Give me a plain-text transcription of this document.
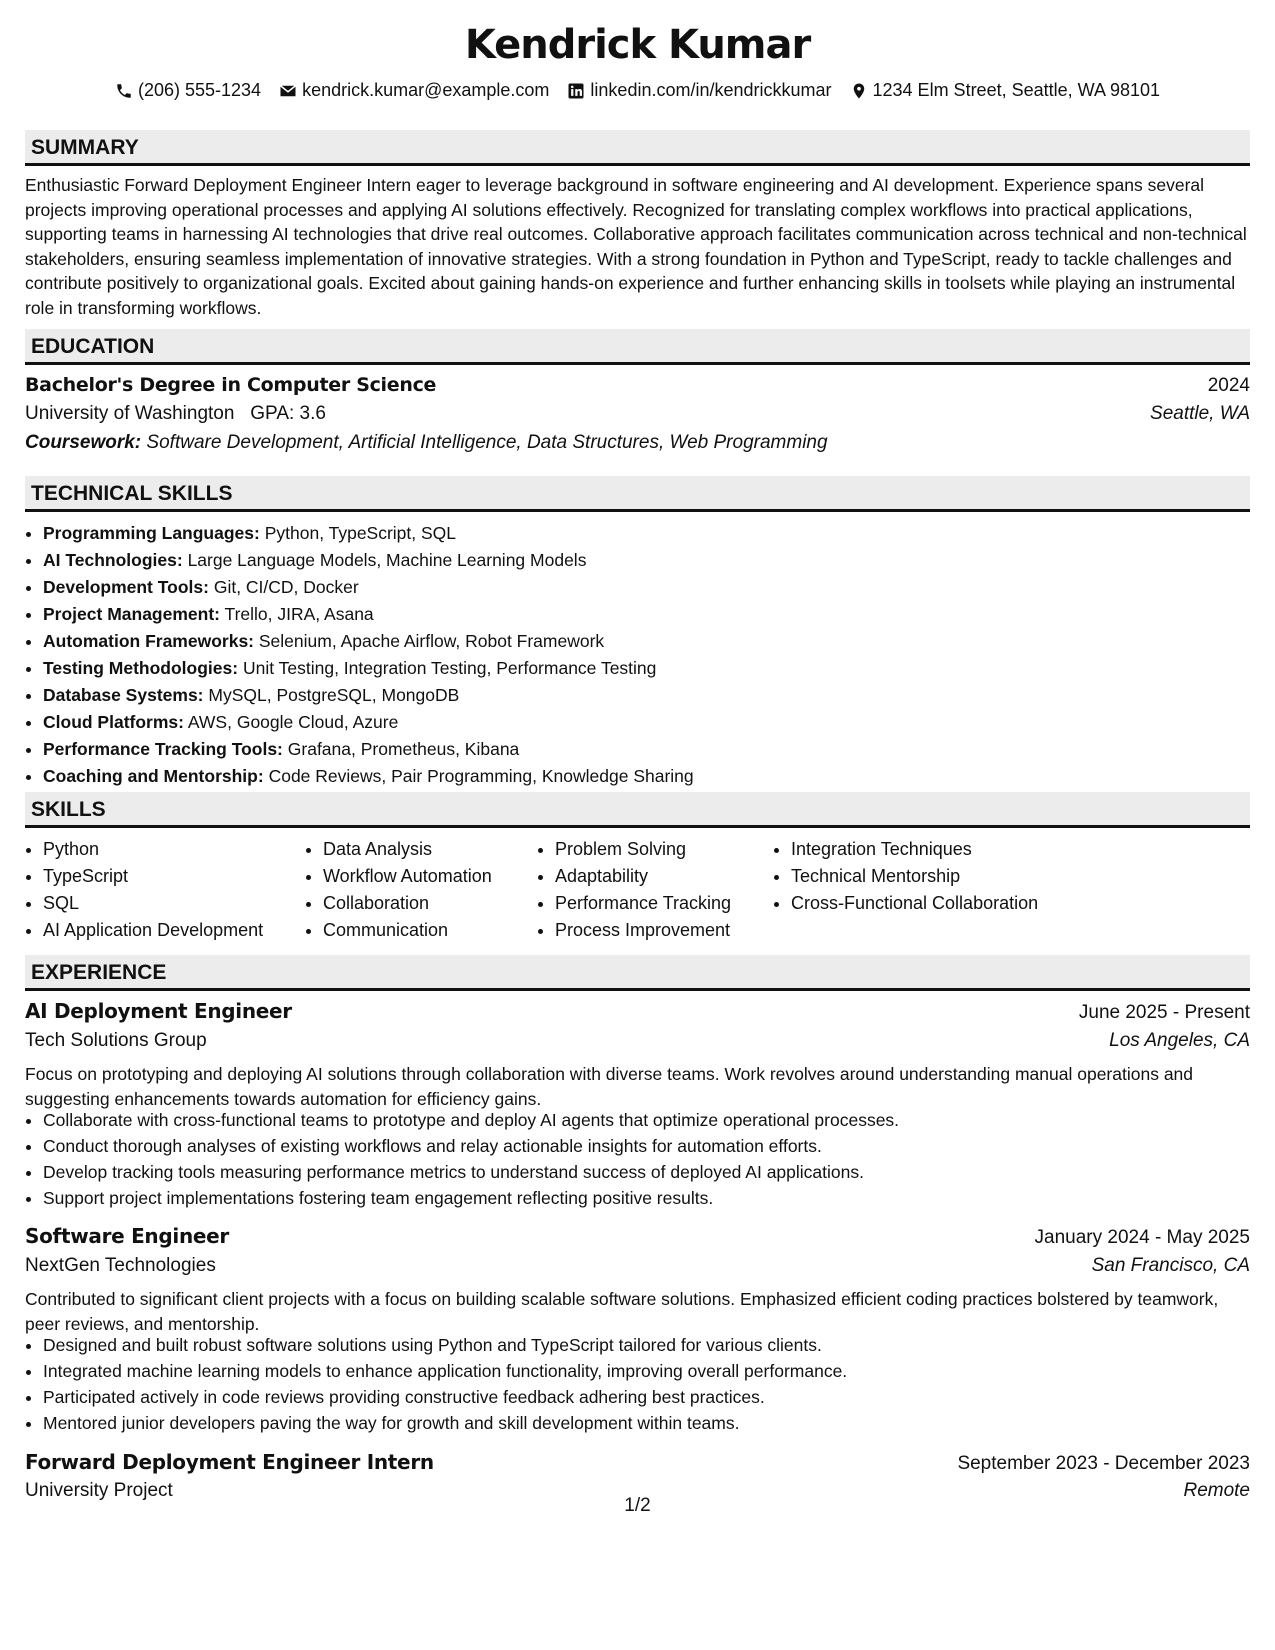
Kendrick Kumar
(206) 555-1234 kendrick.kumar@example.com linkedin.com/in/kendrickkumar 1234 Elm Street, Seattle, WA 98101
SUMMARY
Enthusiastic Forward Deployment Engineer Intern eager to leverage background in software engineering and AI development. Experience spans several projects improving operational processes and applying AI solutions effectively. Recognized for translating complex workflows into practical applications, supporting teams in harnessing AI technologies that drive real outcomes. Collaborative approach facilitates communication across technical and non-technical stakeholders, ensuring seamless implementation of innovative strategies. With a strong foundation in Python and TypeScript, ready to tackle challenges and contribute positively to organizational goals. Excited about gaining hands-on experience and further enhancing skills in toolsets while playing an instrumental role in transforming workflows.
EDUCATION
Bachelor's Degree in Computer Science	2024
University of Washington GPA: 3.6	Seattle, WA
Coursework: Software Development, Artificial Intelligence, Data Structures, Web Programming
TECHNICAL SKILLS
• Programming Languages: Python, TypeScript, SQL
• AI Technologies: Large Language Models, Machine Learning Models
• Development Tools: Git, CI/CD, Docker
• Project Management: Trello, JIRA, Asana
• Automation Frameworks: Selenium, Apache Airflow, Robot Framework
• Testing Methodologies: Unit Testing, Integration Testing, Performance Testing
• Database Systems: MySQL, PostgreSQL, MongoDB
• Cloud Platforms: AWS, Google Cloud, Azure
• Performance Tracking Tools: Grafana, Prometheus, Kibana
• Coaching and Mentorship: Code Reviews, Pair Programming, Knowledge Sharing
SKILLS
• Python
• TypeScript
• SQL
• AI Application Development
• Data Analysis
• Workflow Automation
• Collaboration
• Communication
• Problem Solving
• Adaptability
• Performance Tracking
• Process Improvement
• Integration Techniques
• Technical Mentorship
• Cross-Functional Collaboration
EXPERIENCE
AI Deployment Engineer	June 2025 - Present
Tech Solutions Group	Los Angeles, CA
Focus on prototyping and deploying AI solutions through collaboration with diverse teams. Work revolves around understanding manual operations and suggesting enhancements towards automation for efficiency gains.
• Collaborate with cross-functional teams to prototype and deploy AI agents that optimize operational processes.
• Conduct thorough analyses of existing workflows and relay actionable insights for automation efforts.
• Develop tracking tools measuring performance metrics to understand success of deployed AI applications.
• Support project implementations fostering team engagement reflecting positive results.
Software Engineer	January 2024 - May 2025
NextGen Technologies	San Francisco, CA
Contributed to significant client projects with a focus on building scalable software solutions. Emphasized efficient coding practices bolstered by teamwork, peer reviews, and mentorship.
• Designed and built robust software solutions using Python and TypeScript tailored for various clients.
• Integrated machine learning models to enhance application functionality, improving overall performance.
• Participated actively in code reviews providing constructive feedback adhering best practices.
• Mentored junior developers paving the way for growth and skill development within teams.
Forward Deployment Engineer Intern	September 2023 - December 2023
University Project	Remote
1/2
